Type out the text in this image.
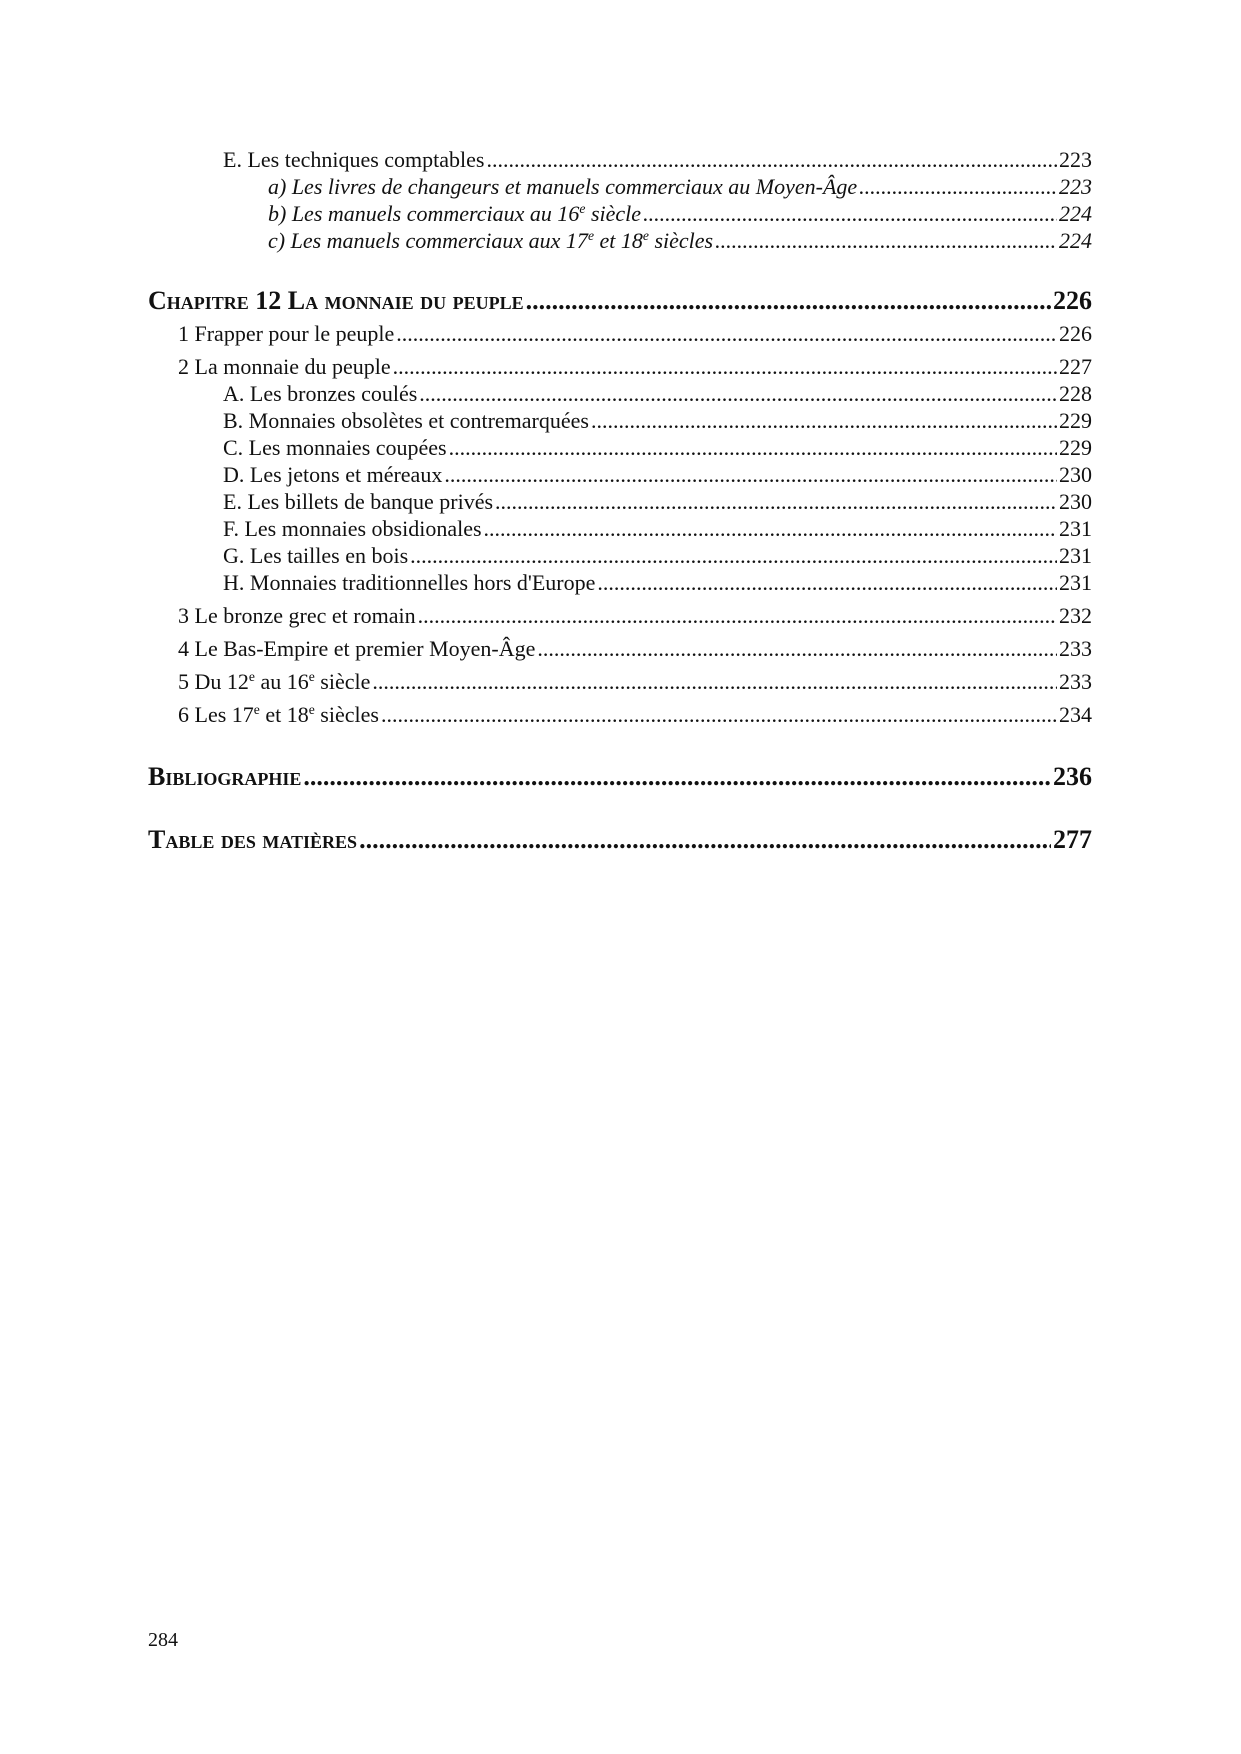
E. Les techniques comptables .....	223
a) Les livres de changeurs et manuels commerciaux au Moyen-Âge .....	223
b) Les manuels commerciaux au 16e siècle .....	224
c) Les manuels commerciaux aux 17e et 18e siècles .....	224
Chapitre 12 La monnaie du peuple .....	226
1 Frapper pour le peuple .....	226
2 La monnaie du peuple .....	227
A. Les bronzes coulés .....	228
B. Monnaies obsolètes et contremarquées .....	229
C. Les monnaies coupées .....	229
D. Les jetons et méreaux .....	230
E. Les billets de banque privés .....	230
F. Les monnaies obsidionales .....	231
G. Les tailles en bois .....	231
H. Monnaies traditionnelles hors d'Europe .....	231
3 Le bronze grec et romain .....	232
4 Le Bas-Empire et premier Moyen-Âge .....	233
5 Du 12e au 16e siècle .....	233
6 Les 17e et 18e siècles .....	234
Bibliographie .....	236
Table des matières .....	277
284
